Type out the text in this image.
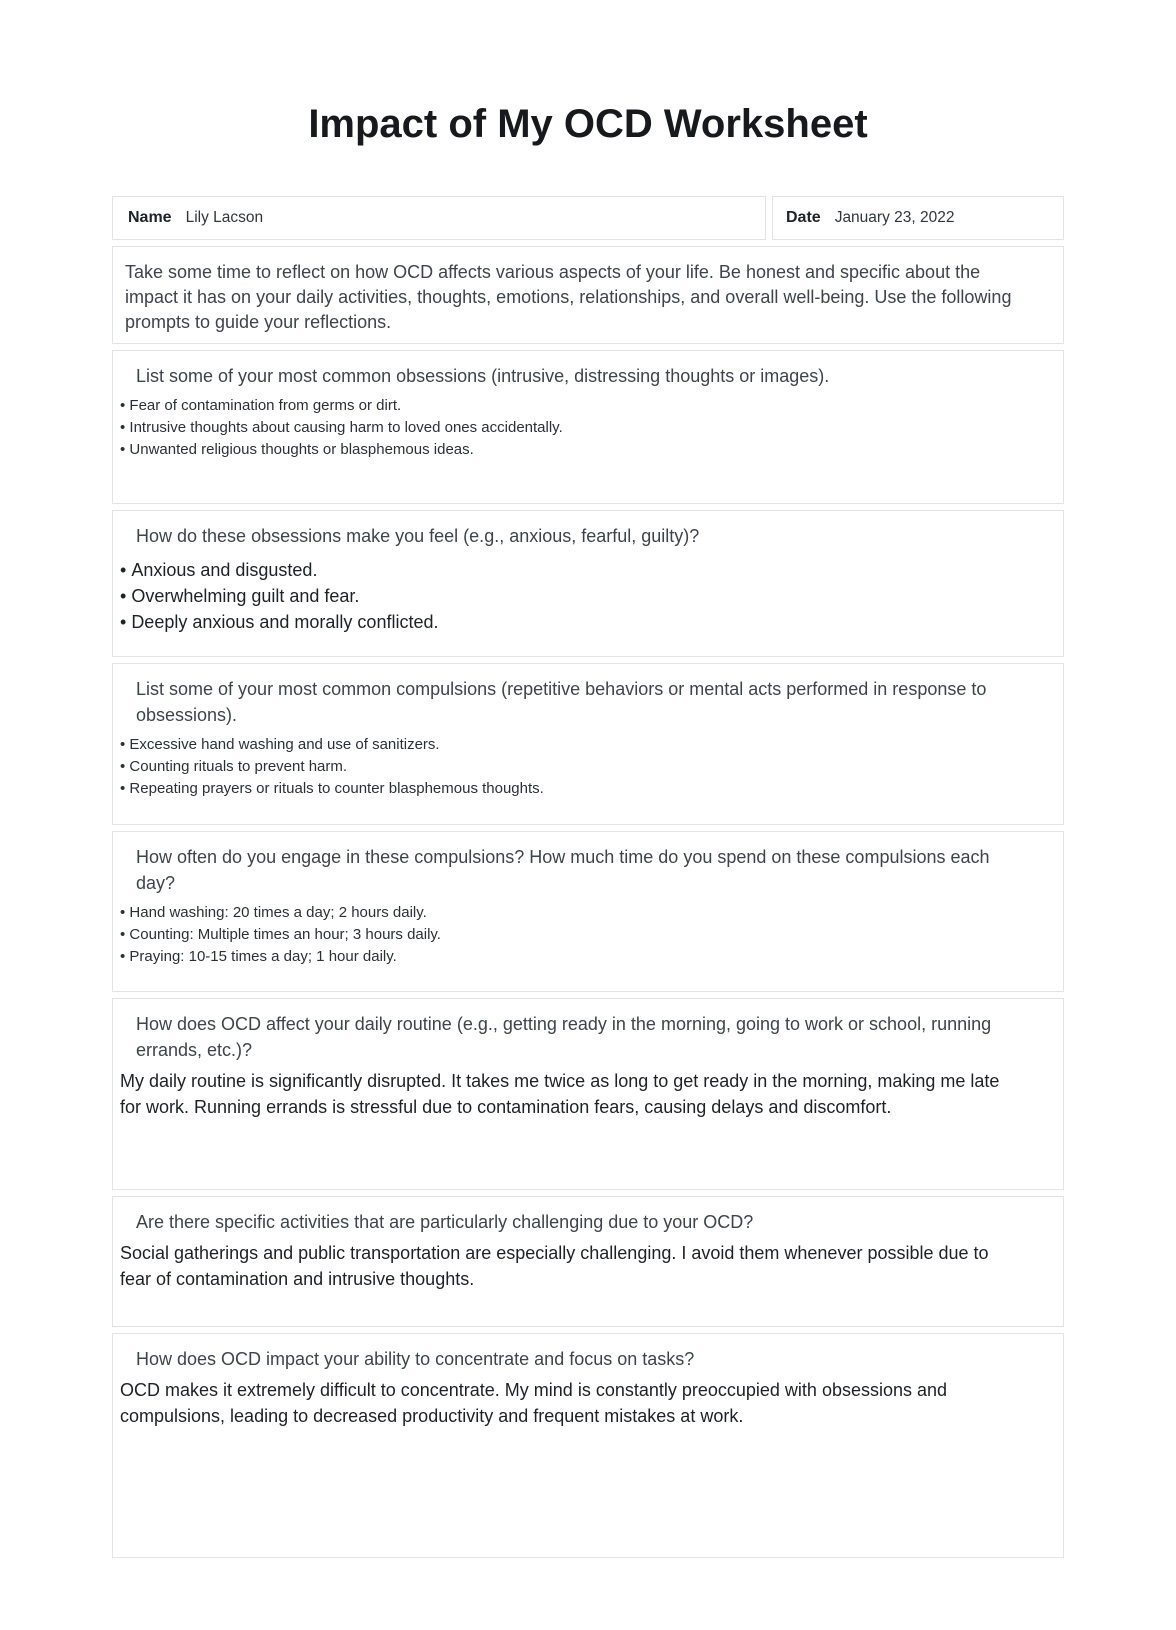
Impact of My OCD Worksheet
Name Lily Lacson	Date January 23, 2022

Take some time to reflect on how OCD affects various aspects of your life. Be honest and specific about the impact it has on your daily activities, thoughts, emotions, relationships, and overall well-being. Use the following prompts to guide your reflections.

List some of your most common obsessions (intrusive, distressing thoughts or images).

• Fear of contamination from germs or dirt.
• Intrusive thoughts about causing harm to loved ones accidentally.
• Unwanted religious thoughts or blasphemous ideas.

How do these obsessions make you feel (e.g., anxious, fearful, guilty)?

• Anxious and disgusted.
• Overwhelming guilt and fear.
• Deeply anxious and morally conflicted.

List some of your most common compulsions (repetitive behaviors or mental acts performed in response to obsessions).

• Excessive hand washing and use of sanitizers.
• Counting rituals to prevent harm.
• Repeating prayers or rituals to counter blasphemous thoughts.

How often do you engage in these compulsions? How much time do you spend on these compulsions each day?

• Hand washing: 20 times a day; 2 hours daily.
• Counting: Multiple times an hour; 3 hours daily.
• Praying: 10-15 times a day; 1 hour daily.

How does OCD affect your daily routine (e.g., getting ready in the morning, going to work or school, running errands, etc.)?

My daily routine is significantly disrupted. It takes me twice as long to get ready in the morning, making me late for work. Running errands is stressful due to contamination fears, causing delays and discomfort.

Are there specific activities that are particularly challenging due to your OCD?

Social gatherings and public transportation are especially challenging. I avoid them whenever possible due to fear of contamination and intrusive thoughts.

How does OCD impact your ability to concentrate and focus on tasks?

OCD makes it extremely difficult to concentrate. My mind is constantly preoccupied with obsessions and compulsions, leading to decreased productivity and frequent mistakes at work.
